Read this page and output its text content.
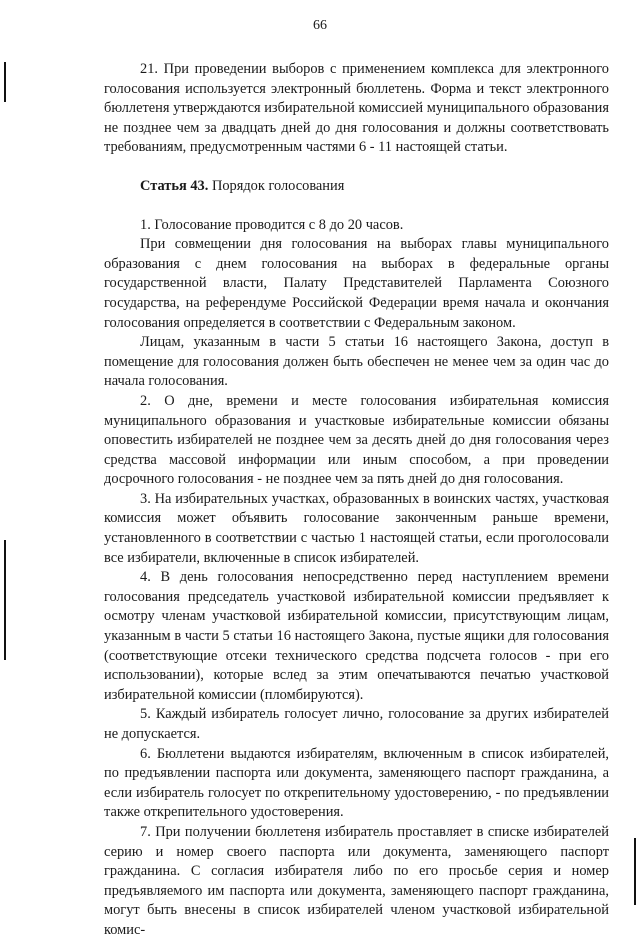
66

21. При проведении выборов с применением комплекса для электронного голосования используется электронный бюллетень. Форма и текст электронного бюллетеня утверждаются избирательной комиссией муниципального образования не позднее чем за двадцать дней до дня голосования и должны соответствовать требованиям, предусмотренным частями 6 - 11 настоящей статьи.

Статья 43. Порядок голосования

1. Голосование проводится с 8 до 20 часов.

При совмещении дня голосования на выборах главы муниципального образования с днем голосования на выборах в федеральные органы государственной власти, Палату Представителей Парламента Союзного государства, на референдуме Российской Федерации время начала и окончания голосования определяется в соответствии с Федеральным законом.

Лицам, указанным в части 5 статьи 16 настоящего Закона, доступ в помещение для голосования должен быть обеспечен не менее чем за один час до начала голосования.

2. О дне, времени и месте голосования избирательная комиссия муниципального образования и участковые избирательные комиссии обязаны оповестить избирателей не позднее чем за десять дней до дня голосования через средства массовой информации или иным способом, а при проведении досрочного голосования - не позднее чем за пять дней до дня голосования.

3. На избирательных участках, образованных в воинских частях, участковая комиссия может объявить голосование законченным раньше времени, установленного в соответствии с частью 1 настоящей статьи, если проголосовали все избиратели, включенные в список избирателей.

4. В день голосования непосредственно перед наступлением времени голосования председатель участковой избирательной комиссии предъявляет к осмотру членам участковой избирательной комиссии, присутствующим лицам, указанным в части 5 статьи 16 настоящего Закона, пустые ящики для голосования (соответствующие отсеки технического средства подсчета голосов - при его использовании), которые вслед за этим опечатываются печатью участковой избирательной комиссии (пломбируются).

5. Каждый избиратель голосует лично, голосование за других избирателей не допускается.

6. Бюллетени выдаются избирателям, включенным в список избирателей, по предъявлении паспорта или документа, заменяющего паспорт гражданина, а если избиратель голосует по открепительному удостоверению, - по предъявлении также открепительного удостоверения.

7. При получении бюллетеня избиратель проставляет в списке избирателей серию и номер своего паспорта или документа, заменяющего паспорт гражданина. С согласия избирателя либо по его просьбе серия и номер предъявляемого им паспорта или документа, заменяющего паспорт гражданина, могут быть внесены в список избирателей членом участковой избирательной комис-
